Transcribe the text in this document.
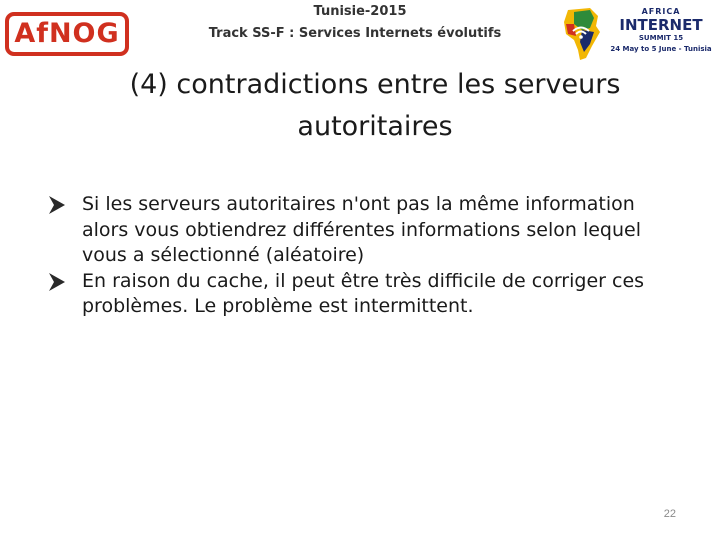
AfNOG
Tunisie-2015
Track SS-F : Services Internets évolutifs
AFRICA
INTERNET
SUMMIT 15
24 May to 5 June - Tunisia
(4) contradictions entre les serveurs
autoritaires
Si les serveurs autoritaires n'ont pas la même information alors vous obtiendrez différentes informations selon lequel vous a sélectionné (aléatoire)
En raison du cache, il peut être très difficile de corriger ces problèmes. Le problème est intermittent.
22
